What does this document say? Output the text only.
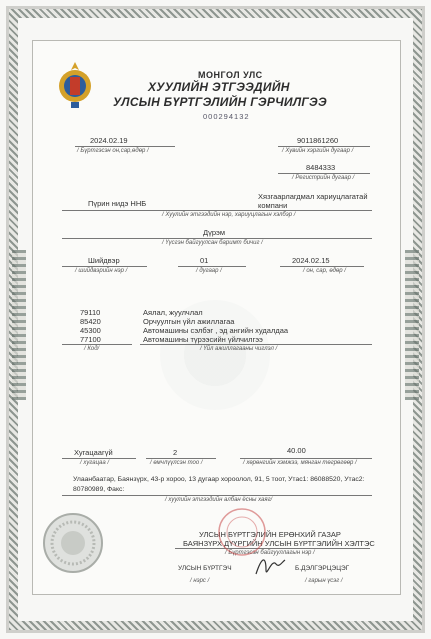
МОНГОЛ УЛС
ХУУЛИЙН ЭТГЭЭДИЙН
УЛСЫН БҮРТГЭЛИЙН ГЭРЧИЛГЭЭ
000294132
2024.02.19
/ Бүртгэсэн он,сар,өдөр /
9011861260
/ Хувийн хэргийн дугаар /
8484333
/ Регистрийн дугаар /
Пүрин нидэ ННБ
Хязгаарлагдмал хариуцлагатай компани
/ Хуулийн этгээдийн нэр, хариуцлагын хэлбэр /
Дүрэм
/ Үүсгэн байгуулсан баримт бичиг /
Шийдвэр
/ шийдвэрийн нэр /
01
/ дугаар /
2024.02.15
/ он, сар, өдөр /
79110	Аялал, жуулчлал
85420	Орчуулгын үйл ажиллагаа
45300	Автомашины сэлбэг , эд ангийн худалдаа
77100	Автомашины түрээсийн үйлчилгээ
/ Код/	/ Үйл ажиллагааны чиглэл /
Хугацаагүй
/ хугацаа /
2
/ өмчлүүлсэн тоо /
40.00
/ хөрөнгийн хэмжээ, мянган төгрөгөөр /
Улаанбаатар, Баянзүрх, 43-р хороо, 13 дугаар хороолол, 91, 5 тоот, Утас1: 86088520, Утас2:
80780989, Факс:
/ хуулийн этгээдийн албан ёсны хаяг/
УЛСЫН БҮРТГЭЛИЙН ЕРӨНХИЙ ГАЗАР
БАЯНЗҮРХ ДҮҮРГИЙН УЛСЫН БҮРТГЭЛИЙН ХЭЛТЭС
/ Бүртгэсэн байгууллагын нэр /
УЛСЫН БҮРТГЭЧ
/ нэрс /
Б.ДЭЛГЭРЦЭЦЭГ
/ гарын үсэг /
